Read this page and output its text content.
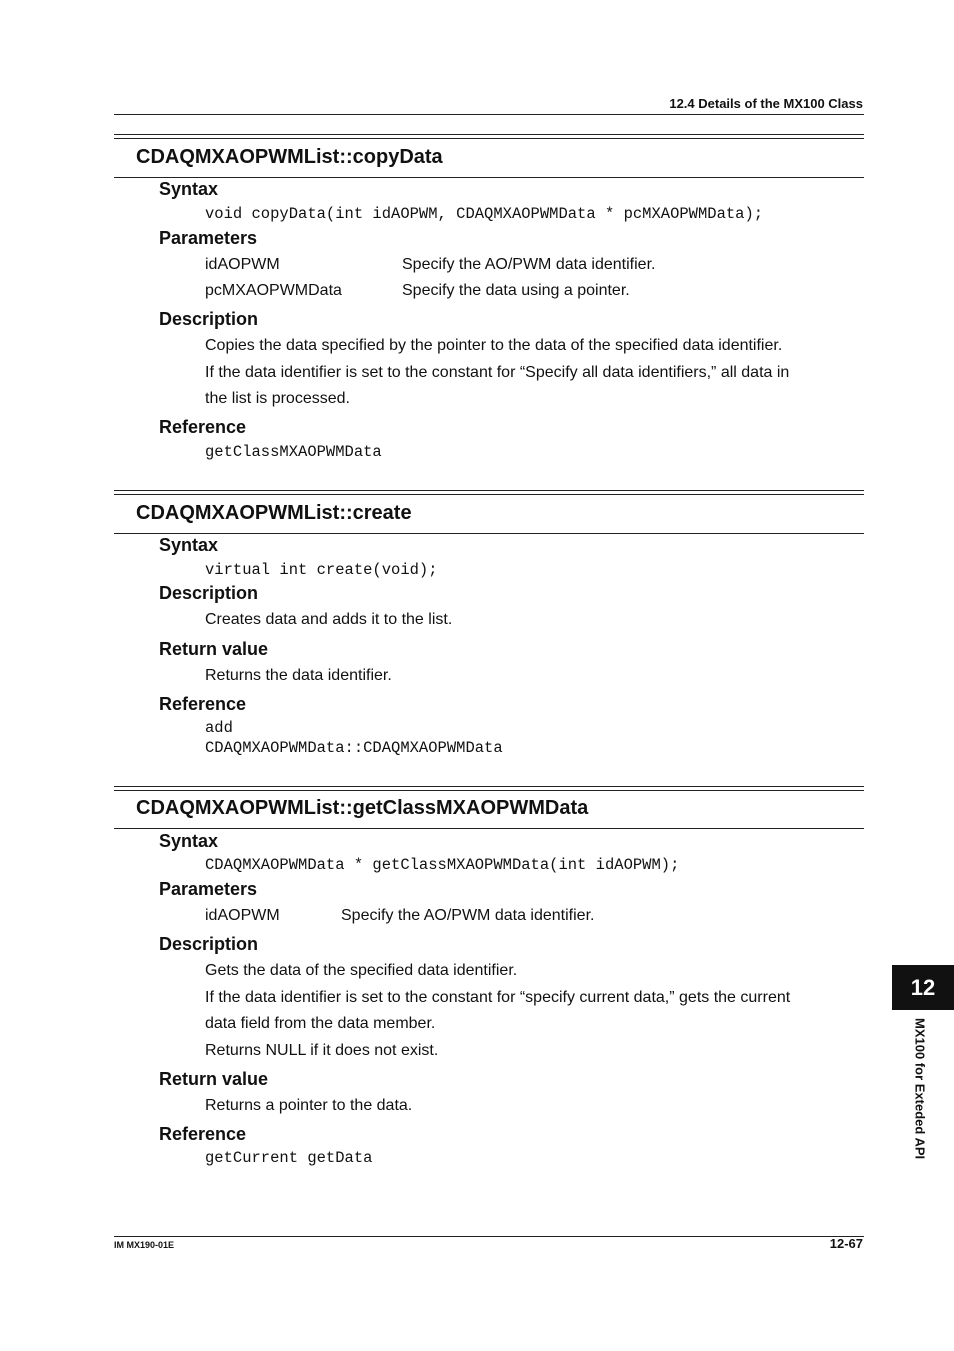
12.4 Details of the MX100 Class
CDAQMXAOPWMList::copyData
Syntax
void copyData(int idAOPWM, CDAQMXAOPWMData * pcMXAOPWMData);
Parameters
idAOPWM	Specify the AO/PWM data identifier.
pcMXAOPWMData	Specify the data using a pointer.
Description
Copies the data specified by the pointer to the data of the specified data identifier.
If the data identifier is set to the constant for “Specify all data identifiers,” all data in
the list is processed.
Reference
getClassMXAOPWMData
CDAQMXAOPWMList::create
Syntax
virtual int create(void);
Description
Creates data and adds it to the list.
Return value
Returns the data identifier.
Reference
add
CDAQMXAOPWMData::CDAQMXAOPWMData
CDAQMXAOPWMList::getClassMXAOPWMData
Syntax
CDAQMXAOPWMData * getClassMXAOPWMData(int idAOPWM);
Parameters
idAOPWM	Specify the AO/PWM data identifier.
Description
Gets the data of the specified data identifier.
If the data identifier is set to the constant for “specify current data,” gets the current
data field from the data member.
Returns NULL if it does not exist.
Return value
Returns a pointer to the data.
Reference
getCurrent getData
12
MX100 for Exteded API
IM MX190-01E	12-67
